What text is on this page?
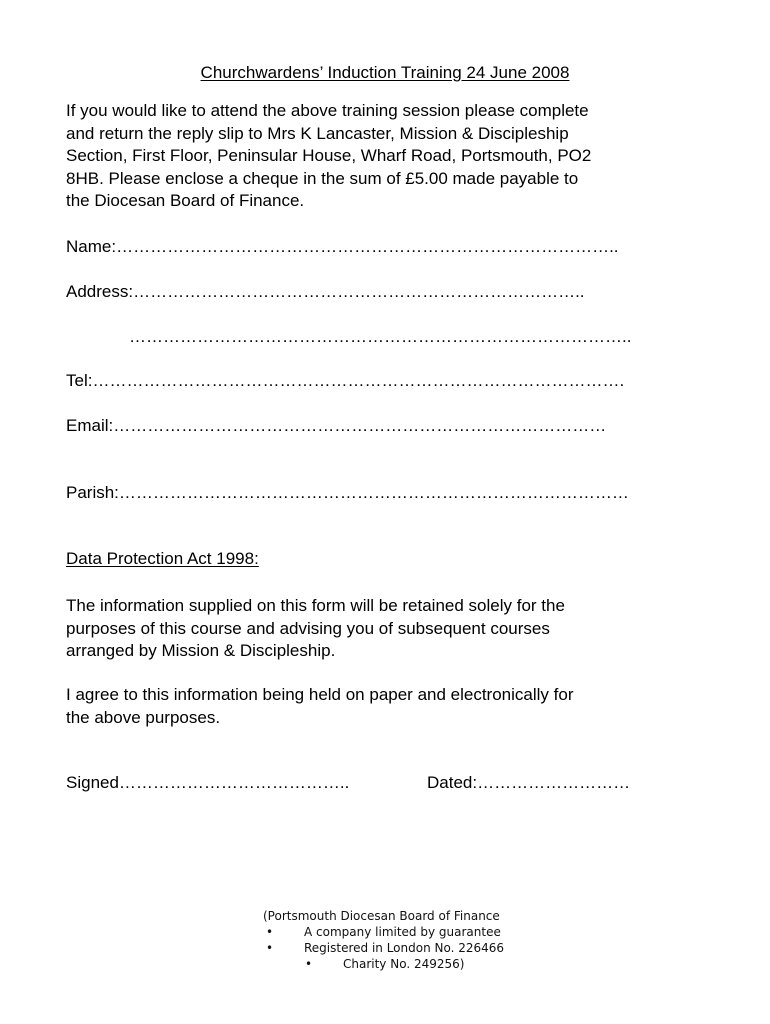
Churchwardens’ Induction Training 24 June 2008
If you would like to attend the above training session please complete
and return the reply slip to Mrs K Lancaster, Mission & Discipleship
Section, First Floor, Peninsular House, Wharf Road, Portsmouth, PO2
8HB. Please enclose a cheque in the sum of £5.00 made payable to
the Diocesan Board of Finance.
Name:……………………………………………………………………………..
Address:……………………………………………………………………..
……………………………………………………………………………..
Tel:………………………………………………………………………………….
Email:……………………………………………………………………………
Parish:………………………………………………………………………………
Data Protection Act 1998:
The information supplied on this form will be retained solely for the
purposes of this course and advising you of subsequent courses
arranged by Mission & Discipleship.
I agree to this information being held on paper and electronically for
the above purposes.
Signed…………………………………..	Dated:………………………
(Portsmouth Diocesan Board of Finance
•	A company limited by guarantee
•	Registered in London No. 226466
•	Charity No. 249256)
